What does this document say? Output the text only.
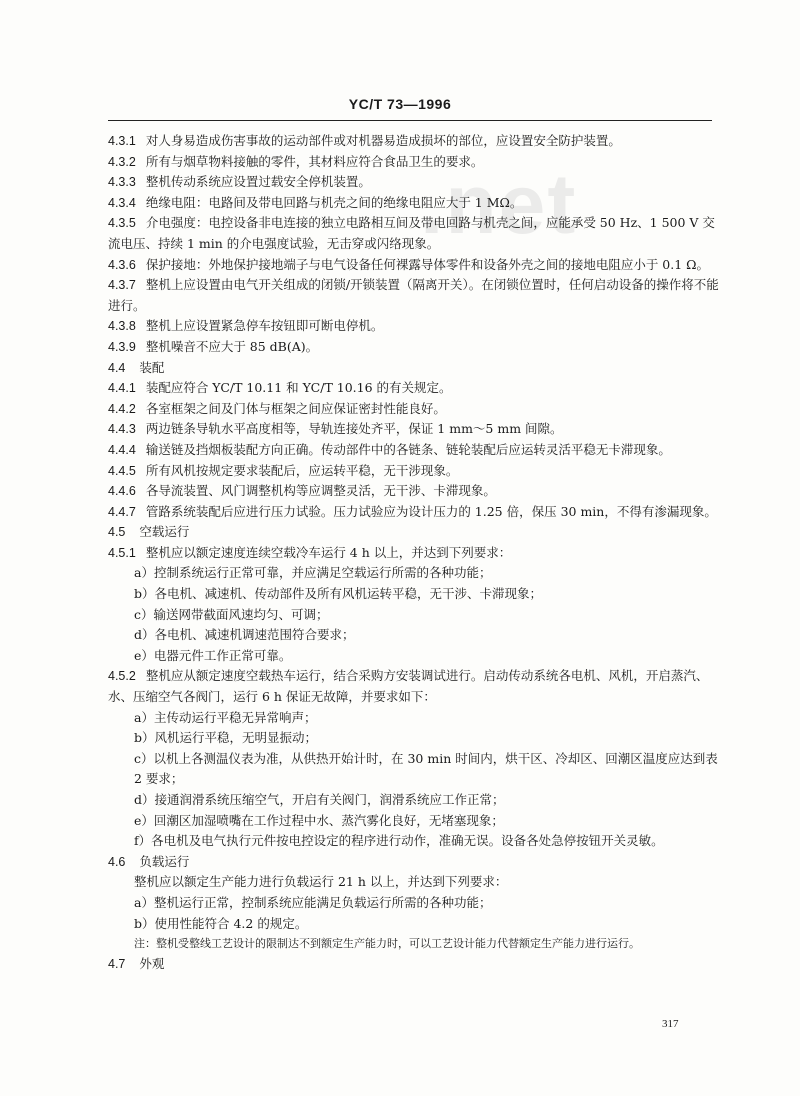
YC/T 73—1996
.net

4.3.1 对人身易造成伤害事故的运动部件或对机器易造成损坏的部位，应设置安全防护装置。

4.3.2 所有与烟草物料接触的零件，其材料应符合食品卫生的要求。

4.3.3 整机传动系统应设置过载安全停机装置。

4.3.4 绝缘电阻：电路间及带电回路与机壳之间的绝缘电阻应大于 1 MΩ。

4.3.5 介电强度：电控设备非电连接的独立电路相互间及带电回路与机壳之间，应能承受 50 Hz、1 500 V 交流电压、持续 1 min 的介电强度试验，无击穿或闪络现象。

4.3.6 保护接地：外地保护接地端子与电气设备任何裸露导体零件和设备外壳之间的接地电阻应小于 0.1 Ω。

4.3.7 整机上应设置由电气开关组成的闭锁/开锁装置（隔离开关）。在闭锁位置时，任何启动设备的操作将不能进行。

4.3.8 整机上应设置紧急停车按钮即可断电停机。

4.3.9 整机噪音不应大于 85 dB(A)。

4.4 装配

4.4.1 装配应符合 YC/T 10.11 和 YC/T 10.16 的有关规定。

4.4.2 各室框架之间及门体与框架之间应保证密封性能良好。

4.4.3 两边链条导轨水平高度相等，导轨连接处齐平，保证 1 mm～5 mm 间隙。

4.4.4 输送链及挡烟板装配方向正确。传动部件中的各链条、链轮装配后应运转灵活平稳无卡滞现象。

4.4.5 所有风机按规定要求装配后，应运转平稳，无干涉现象。

4.4.6 各导流装置、风门调整机构等应调整灵活，无干涉、卡滞现象。

4.4.7 管路系统装配后应进行压力试验。压力试验应为设计压力的 1.25 倍，保压 30 min，不得有渗漏现象。

4.5 空载运行

4.5.1 整机应以额定速度连续空载冷车运行 4 h 以上，并达到下列要求：

a）控制系统运行正常可靠，并应满足空载运行所需的各种功能；

b）各电机、减速机、传动部件及所有风机运转平稳，无干涉、卡滞现象；

c）输送网带截面风速均匀、可调；

d）各电机、减速机调速范围符合要求；

e）电器元件工作正常可靠。

4.5.2 整机应从额定速度空载热车运行，结合采购方安装调试进行。启动传动系统各电机、风机，开启蒸汽、水、压缩空气各阀门，运行 6 h 保证无故障，并要求如下：

a）主传动运行平稳无异常响声；

b）风机运行平稳，无明显振动；

c）以机上各测温仪表为准，从供热开始计时，在 30 min 时间内，烘干区、冷却区、回潮区温度应达到表 2 要求；

d）接通润滑系统压缩空气，开启有关阀门，润滑系统应工作正常；

e）回潮区加湿喷嘴在工作过程中水、蒸汽雾化良好，无堵塞现象；

f）各电机及电气执行元件按电控设定的程序进行动作，准确无误。设备各处急停按钮开关灵敏。

4.6 负载运行

整机应以额定生产能力进行负载运行 21 h 以上，并达到下列要求：

a）整机运行正常，控制系统应能满足负载运行所需的各种功能；

b）使用性能符合 4.2 的规定。

注：整机受整线工艺设计的限制达不到额定生产能力时，可以工艺设计能力代替额定生产能力进行运行。

4.7 外观

317
